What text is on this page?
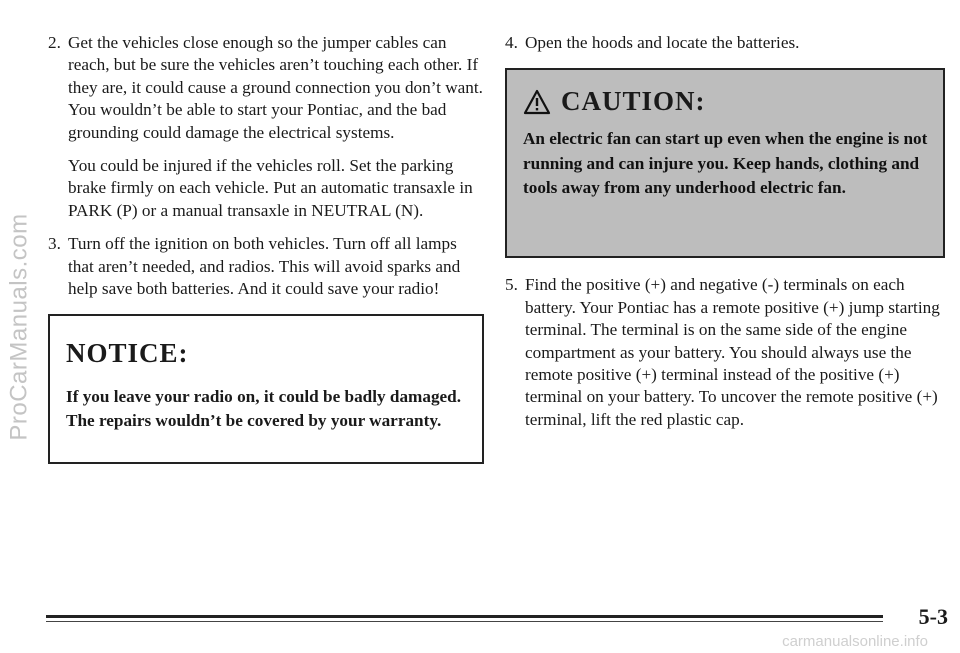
ProCarManuals.com
2. Get the vehicles close enough so the jumper cables can reach, but be sure the vehicles aren’t touching each other. If they are, it could cause a ground connection you don’t want. You wouldn’t be able to start your Pontiac, and the bad grounding could damage the electrical systems.

You could be injured if the vehicles roll. Set the parking brake firmly on each vehicle. Put an automatic transaxle in PARK (P) or a manual transaxle in NEUTRAL (N).

3. Turn off the ignition on both vehicles. Turn off all lamps that aren’t needed, and radios. This will avoid sparks and help save both batteries. And it could save your radio!

NOTICE:
If you leave your radio on, it could be badly damaged. The repairs wouldn’t be covered by your warranty.
4. Open the hoods and locate the batteries.

CAUTION:
An electric fan can start up even when the engine is not running and can injure you. Keep hands, clothing and tools away from any underhood electric fan.
5. Find the positive (+) and negative (-) terminals on each battery. Your Pontiac has a remote positive (+) jump starting terminal. The terminal is on the same side of the engine compartment as your battery. You should always use the remote positive (+) terminal instead of the positive (+) terminal on your battery. To uncover the remote positive (+) terminal, lift the red plastic cap.

5-3
carmanualsonline.info
